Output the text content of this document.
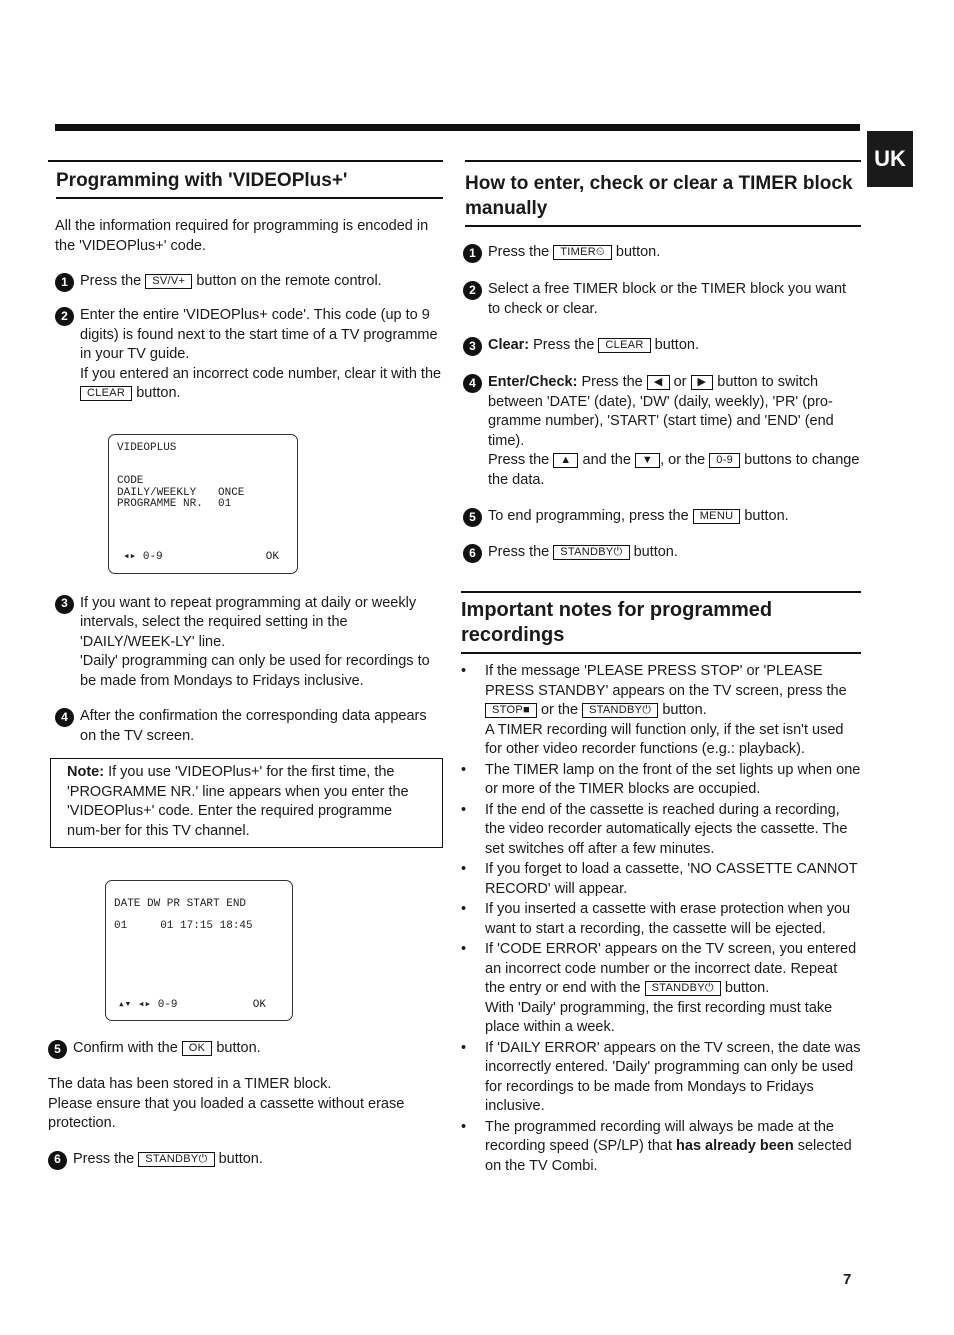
UK
Programming with 'VIDEOPlus+'

All the information required for programming is encoded in the 'VIDEOPlus+' code.

1 Press the SV/V+ button on the remote control.
2 Enter the entire 'VIDEOPlus+ code'. This code (up to 9 digits) is found next to the start time of a TV programme in your TV guide.

If you entered an incorrect code number, clear it with the CLEAR button.

VIDEOPLUS
CODE
DAILY/WEEKLY	ONCE
PROGRAMME NR.	01
◂▸ 0-9	OK
3 If you want to repeat programming at daily or weekly intervals, select the required setting in the 'DAILY/WEEK-LY' line.

'Daily' programming can only be used for recordings to be made from Mondays to Fridays inclusive.

4 After the confirmation the corresponding data appears on the TV screen.

Note: If you use 'VIDEOPlus+' for the first time, the 'PROGRAMME NR.' line appears when you enter the 'VIDEOPlus+' code. Enter the required programme num-ber for this TV channel.
DATE DW PR START END
01     01 17:15 18:45
▴▾ ◂▸ 0-9	OK
5 Confirm with the OK button.

The data has been stored in a TIMER block.

Please ensure that you loaded a cassette without erase protection.

6 Press the STANDBY⏻ button.
How to enter, check or clear a TIMER block manually
1 Press the TIMER⏲ button.
2 Select a free TIMER block or the TIMER block you want to check or clear.

3 Clear: Press the CLEAR button.
4 Enter/Check: Press the ◀ or ▶ button to switch between 'DATE' (date), 'DW' (daily, weekly), 'PR' (pro-gramme number), 'START' (start time) and 'END' (end time).

Press the ▲ and the ▼ , or the 0-9 buttons to change the data.

5 To end programming, press the MENU button.
6 Press the STANDBY⏻ button.
Important notes for programmed recordings

• If the message 'PLEASE PRESS STOP' or 'PLEASE PRESS STANDBY' appears on the TV screen, press the STOP■ or the STANDBY⏻ button.

A TIMER recording will function only, if the set isn't used for other video recorder functions (e.g.: playback).

• The TIMER lamp on the front of the set lights up when one or more of the TIMER blocks are occupied.
• If the end of the cassette is reached during a recording, the video recorder automatically ejects the cassette. The set switches off after a few minutes.
• If you forget to load a cassette, 'NO CASSETTE CANNOT RECORD' will appear.
• If you inserted a cassette with erase protection when you want to start a recording, the cassette will be ejected.

• If 'CODE ERROR' appears on the TV screen, you entered an incorrect code number or the incorrect date. Repeat the entry or end with the STANDBY⏻ button.

With 'Daily' programming, the first recording must take place within a week.

• If 'DAILY ERROR' appears on the TV screen, the date was incorrectly entered. 'Daily' programming can only be used for recordings to be made from Mondays to Fridays inclusive.
• The programmed recording will always be made at the recording speed (SP/LP) that has already been selected on the TV Combi.
7
